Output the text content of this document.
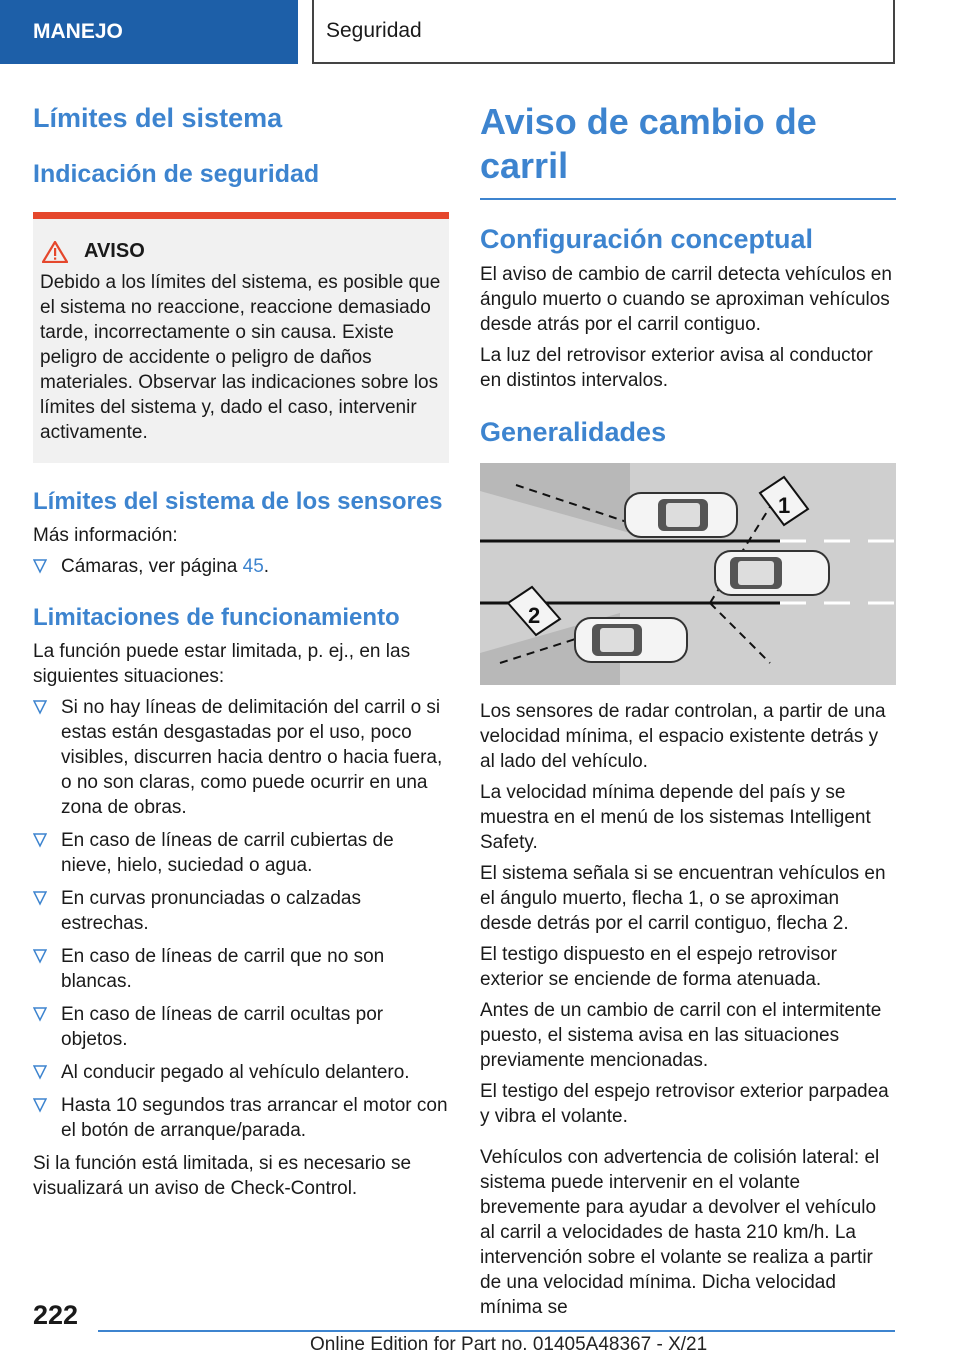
MANEJO	Seguridad
Límites del sistema
Indicación de seguridad
AVISO

Debido a los límites del sistema, es posible que el sistema no reaccione, reaccione demasiado tarde, incorrectamente o sin causa. Existe peligro de accidente o peligro de daños materiales. Observar las indicaciones sobre los límites del sistema y, dado el caso, intervenir activamente.

Límites del sistema de los sensores

Más información:

Cámaras, ver página 45.
Limitaciones de funcionamiento

La función puede estar limitada, p. ej., en las siguientes situaciones:

Si no hay líneas de delimitación del carril o si estas están desgastadas por el uso, poco visibles, discurren hacia dentro o hacia fuera, o no son claras, como puede ocurrir en una zona de obras.
En caso de líneas de carril cubiertas de nieve, hielo, suciedad o agua.
En curvas pronunciadas o calzadas estrechas.
En caso de líneas de carril que no son blancas.
En caso de líneas de carril ocultas por objetos.
Al conducir pegado al vehículo delantero.
Hasta 10 segundos tras arrancar el motor con el botón de arranque/parada.

Si la función está limitada, si es necesario se visualizará un aviso de Check-Control.

Aviso de cambio de carril
Configuración conceptual

El aviso de cambio de carril detecta vehículos en ángulo muerto o cuando se aproximan vehículos desde atrás por el carril contiguo.

La luz del retrovisor exterior avisa al conductor en distintos intervalos.

Generalidades
1
2

Los sensores de radar controlan, a partir de una velocidad mínima, el espacio existente detrás y al lado del vehículo.

La velocidad mínima depende del país y se muestra en el menú de los sistemas Intelligent Safety.

El sistema señala si se encuentran vehículos en el ángulo muerto, flecha 1, o se aproximan desde detrás por el carril contiguo, flecha 2.

El testigo dispuesto en el espejo retrovisor exterior se enciende de forma atenuada.

Antes de un cambio de carril con el intermitente puesto, el sistema avisa en las situaciones previamente mencionadas.

El testigo del espejo retrovisor exterior parpadea y vibra el volante.

Vehículos con advertencia de colisión lateral: el sistema puede intervenir en el volante brevemente para ayudar a devolver el vehículo al carril a velocidades de hasta 210 km/h. La intervención sobre el volante se realiza a partir de una velocidad mínima. Dicha velocidad mínima se

222
Online Edition for Part no. 01405A48367 - X/21
